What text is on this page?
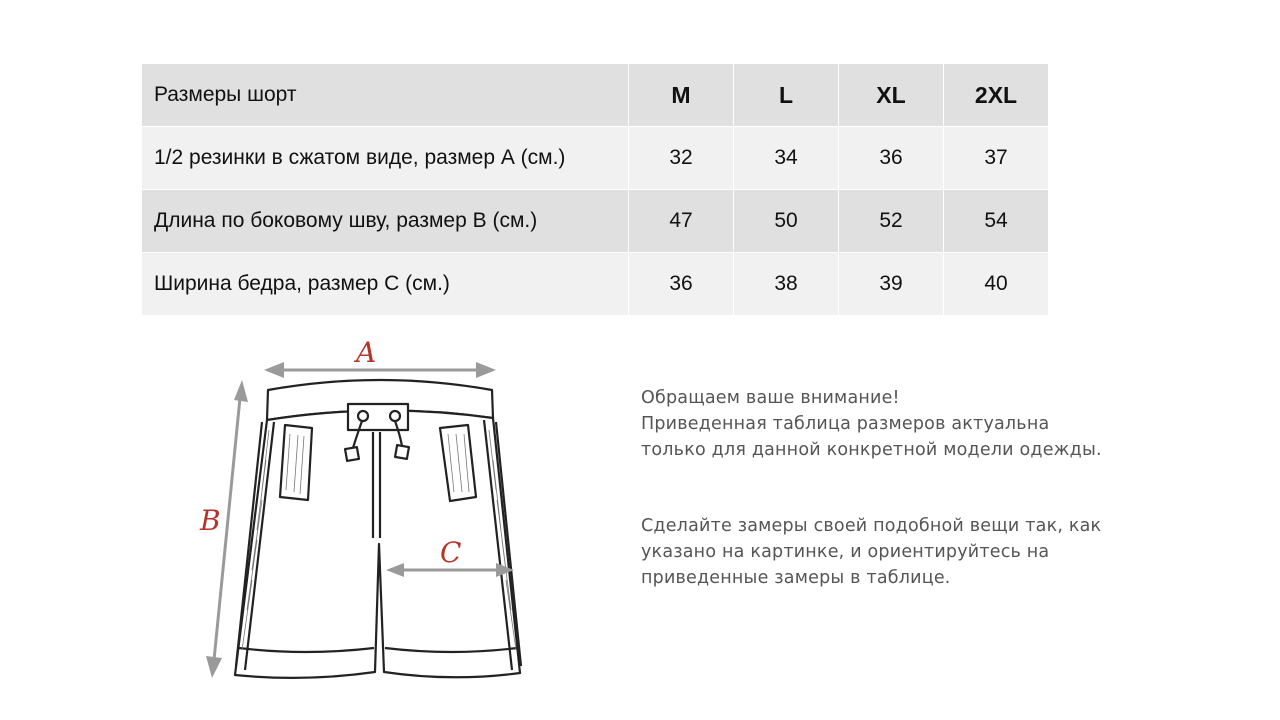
Размеры шорт	M	L	XL	2XL
1/2 резинки в сжатом виде, размер А (см.)	32	34	36	37
Длина по боковому шву, размер В (см.)	47	50	52	54
Ширина бедра, размер С (см.)	36	38	39	40
A
B
C

Обращаем ваше внимание!
Приведенная таблица размеров актуальна
только для данной конкретной модели одежды.

Сделайте замеры своей подобной вещи так, как
указано на картинке, и ориентируйтесь на
приведенные замеры в таблице.
